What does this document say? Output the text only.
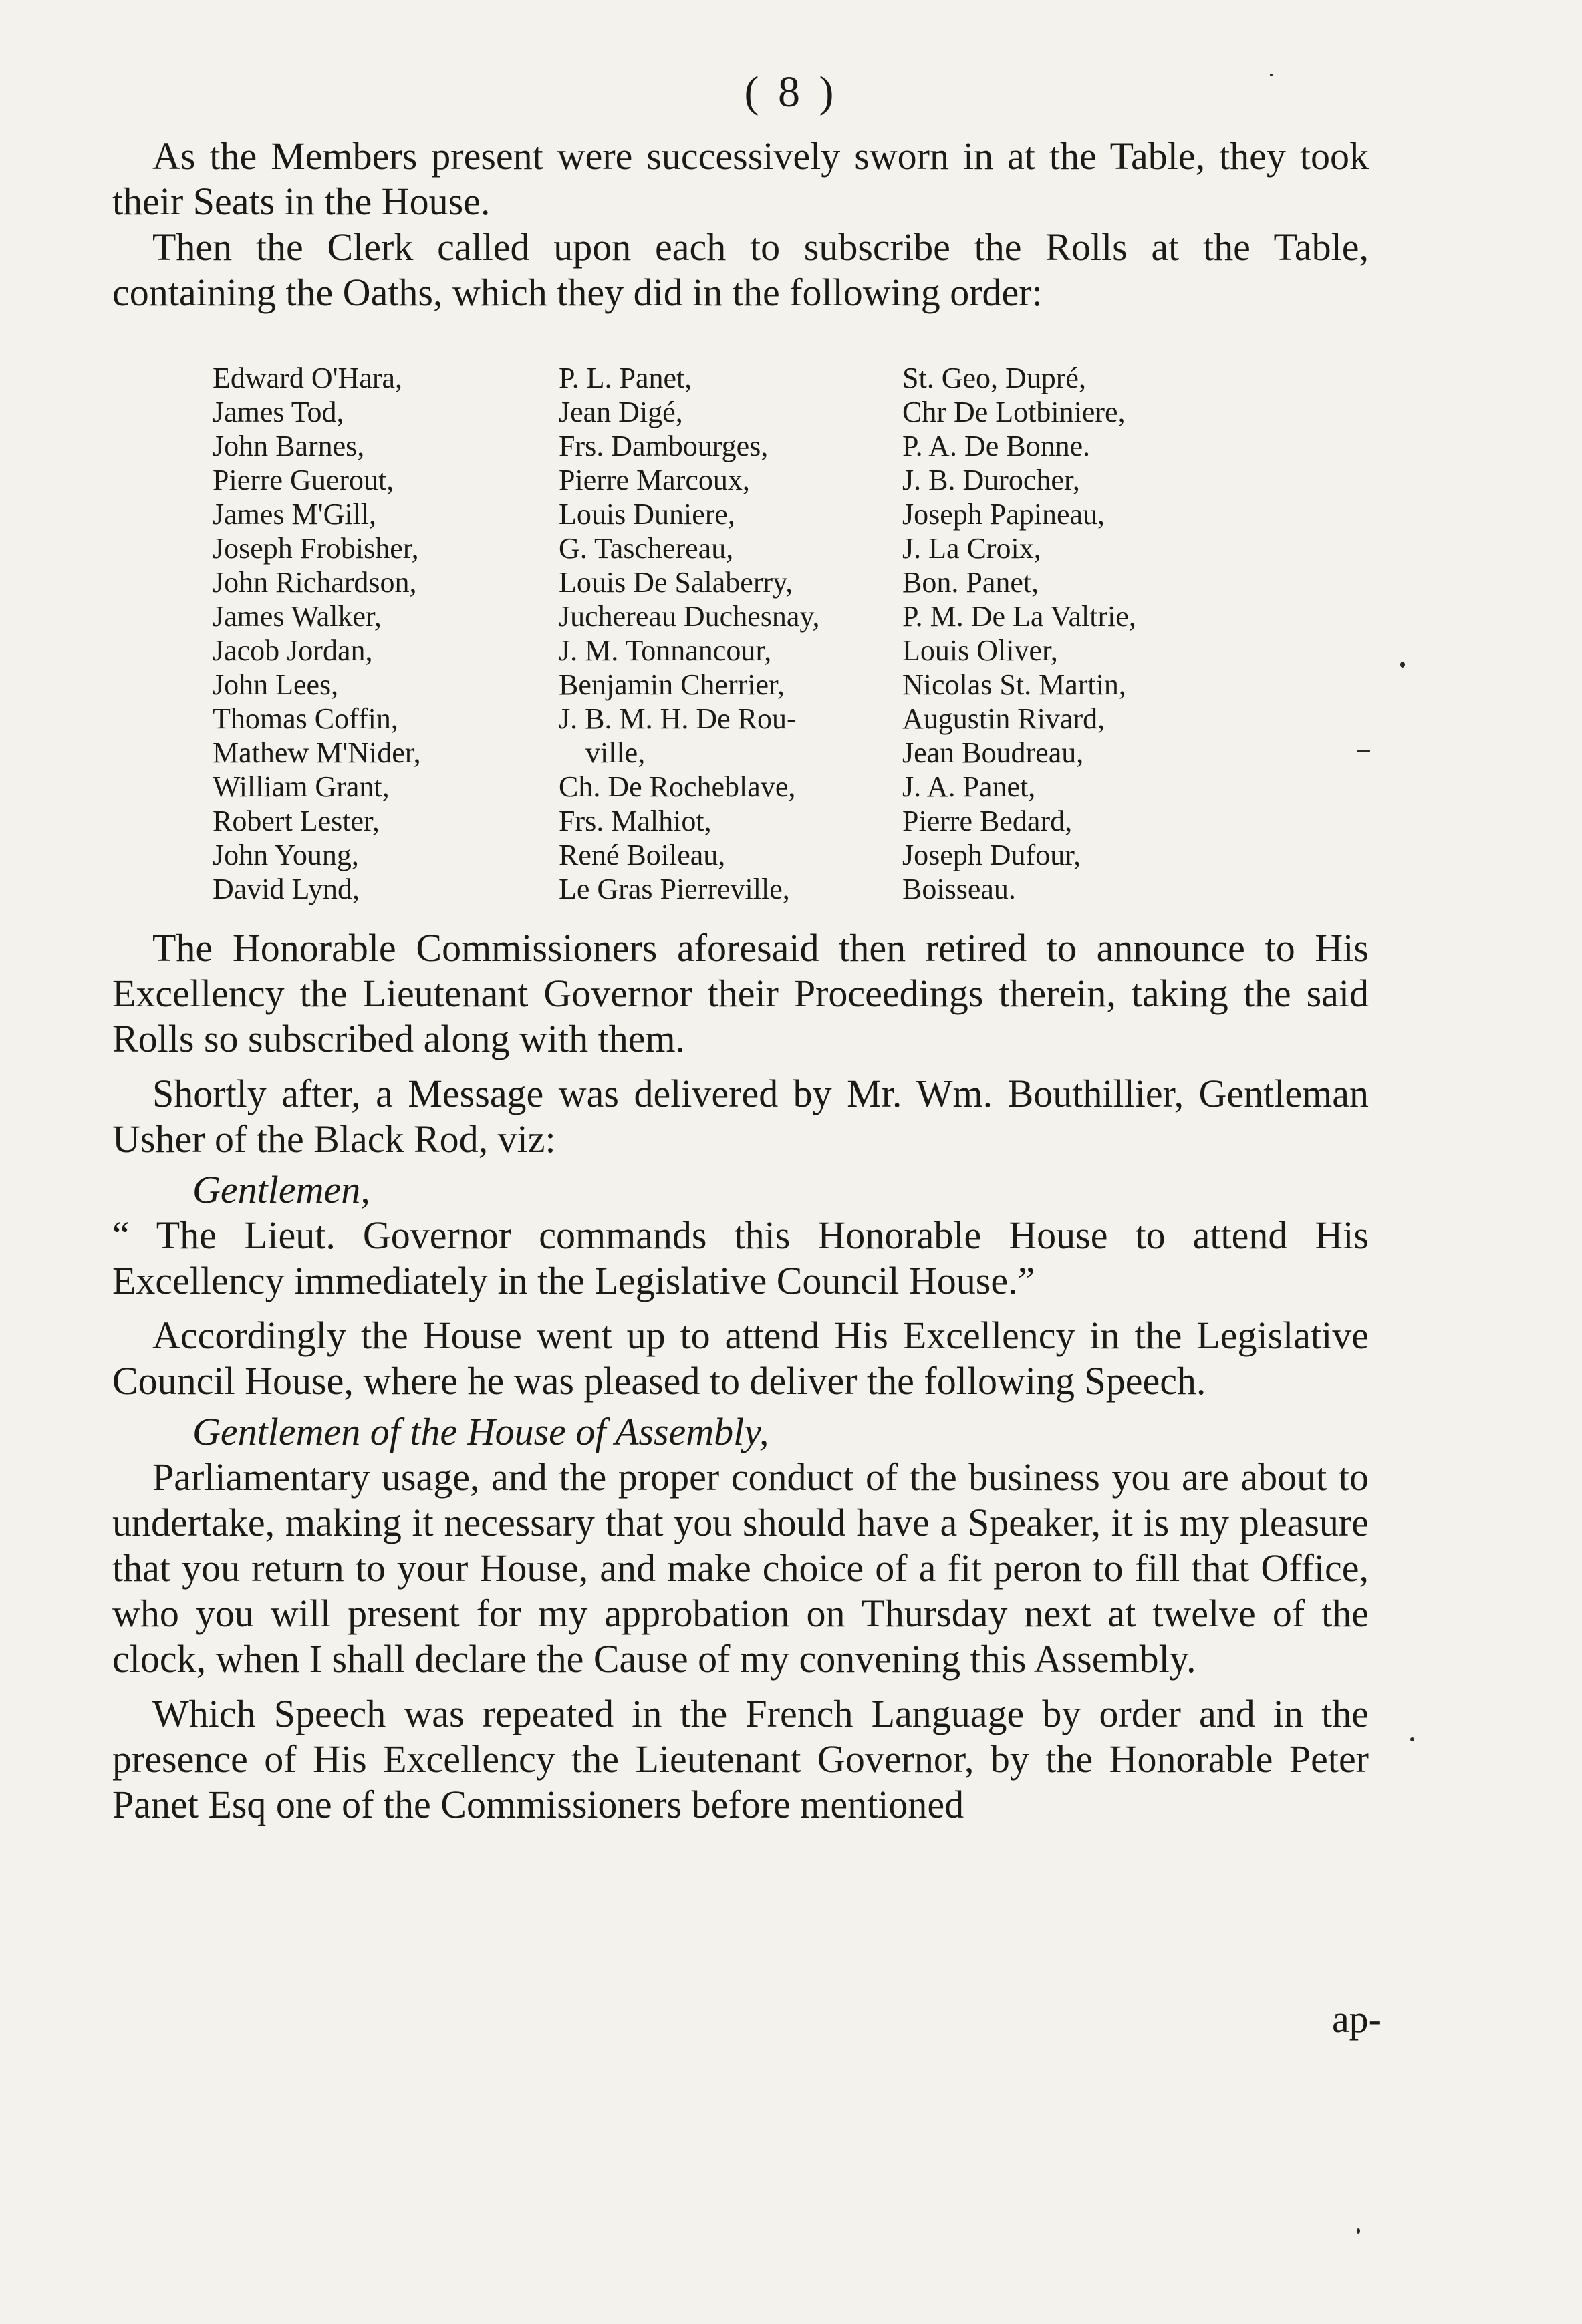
( 8 )

As the Members present were successively sworn in at the Table, they took their Seats in the House.

Then the Clerk called upon each to subscribe the Rolls at the Table, containing the Oaths, which they did in the following order:

Edward O'Hara,
James Tod,
John Barnes,
Pierre Guerout,
James M'Gill,
Joseph Frobisher,
John Richardson,
James Walker,
Jacob Jordan,
John Lees,
Thomas Coffin,
Mathew M'Nider,
William Grant,
Robert Lester,
John Young,
David Lynd,
P. L. Panet,
Jean Digé,
Frs. Dambourges,
Pierre Marcoux,
Louis Duniere,
G. Taschereau,
Louis De Salaberry,
Juchereau Duchesnay,
J. M. Tonnancour,
Benjamin Cherrier,
J. B. M. H. De Rou-
ville,
Ch. De Rocheblave,
Frs. Malhiot,
René Boileau,
Le Gras Pierreville,
St. Geo, Dupré,
Chr De Lotbiniere,
P. A. De Bonne.
J. B. Durocher,
Joseph Papineau,
J. La Croix,
Bon. Panet,
P. M. De La Valtrie,
Louis Oliver,
Nicolas St. Martin,
Augustin Rivard,
Jean Boudreau,
J. A. Panet,
Pierre Bedard,
Joseph Dufour,
Boisseau.

The Honorable Commissioners aforesaid then retired to announce to His Excellency the Lieutenant Governor their Proceedings therein, taking the said Rolls so subscribed along with them.

Shortly after, a Message was delivered by Mr. Wm. Bouthillier, Gentleman Usher of the Black Rod, viz:

Gentlemen,

“ The Lieut. Governor commands this Honorable House to attend His Excellency immediately in the Legislative Council House.”

Accordingly the House went up to attend His Excellency in the Legislative Council House, where he was pleased to deliver the following Speech.

Gentlemen of the House of Assembly,

Parliamentary usage, and the proper conduct of the business you are about to undertake, making it necessary that you should have a Speaker, it is my pleasure that you return to your House, and make choice of a fit peron to fill that Office, who you will present for my approbation on Thursday next at twelve of the clock, when I shall declare the Cause of my convening this Assembly.

Which Speech was repeated in the French Language by order and in the presence of His Excellency the Lieutenant Governor, by the Honorable Peter Panet Esq one of the Commissioners before mentioned

ap-
